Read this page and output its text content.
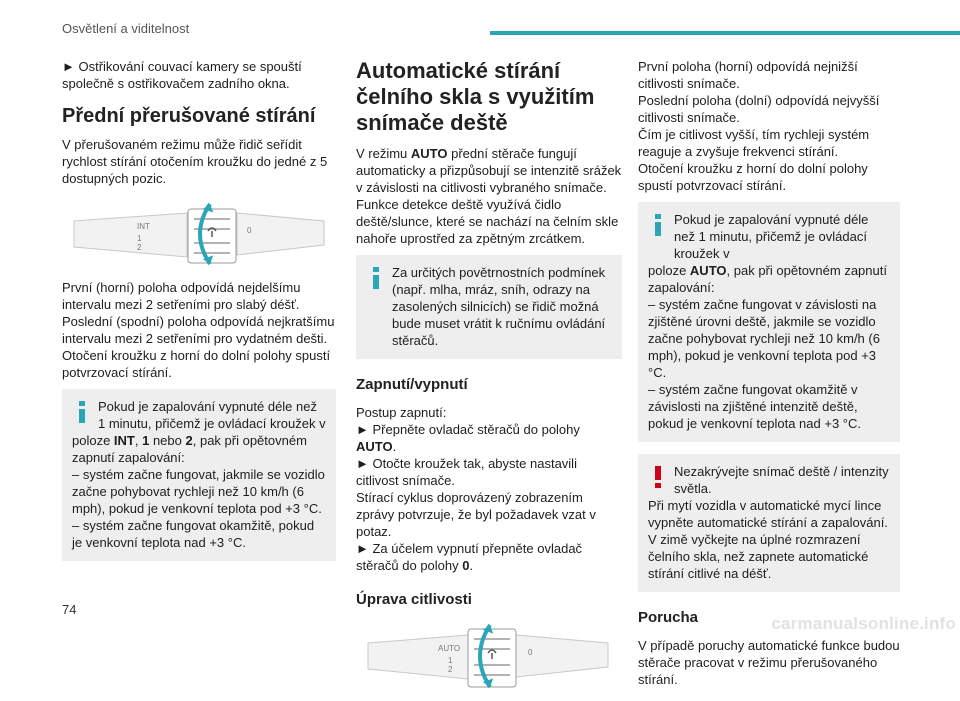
Osvětlení a viditelnost

► Ostřikování couvací kamery se spouští společně s ostřikovačem zadního okna.

Přední přerušované stírání

V přerušovaném režimu může řidič seřídit rychlost stírání otočením kroužku do jedné z 5 dostupných pozic.

INT
1
2
0

První (horní) poloha odpovídá nejdelšímu intervalu mezi 2 setřeními pro slabý déšť.

Poslední (spodní) poloha odpovídá nejkratšímu intervalu mezi 2 setřeními pro vydatném dešti.

Otočení kroužku z horní do dolní polohy spustí potvrzovací stírání.

Pokud je zapalování vypnuté déle než 1 minutu, přičemž je ovládací kroužek v

poloze INT, 1 nebo 2, pak při opětovném zapnutí zapalování:

– systém začne fungovat, jakmile se vozidlo začne pohybovat rychleji než 10 km/h (6 mph), pokud je venkovní teplota pod +3 °C.

– systém začne fungovat okamžitě, pokud je venkovní teplota nad +3 °C.

Automatické stírání čelního skla s využitím snímače deště

V režimu AUTO přední stěrače fungují automaticky a přizpůsobují se intenzitě srážek v závislosti na citlivosti vybraného snímače.

Funkce detekce deště využívá čidlo deště/slunce, které se nachází na čelním skle nahoře uprostřed za zpětným zrcátkem.

Za určitých povětrnostních podmínek (např. mlha, mráz, sníh, odrazy na zasolených silnicích) se řidič možná bude muset vrátit k ručnímu ovládání stěračů.

Zapnutí/vypnutí

Postup zapnutí:

► Přepněte ovladač stěračů do polohy AUTO.

► Otočte kroužek tak, abyste nastavili citlivost snímače.

Stírací cyklus doprovázený zobrazením zprávy potvrzuje, že byl požadavek vzat v potaz.

► Za účelem vypnutí přepněte ovladač stěračů do polohy 0.

Úprava citlivosti
AUTO
1
2
0

První poloha (horní) odpovídá nejnižší citlivosti snímače.

Poslední poloha (dolní) odpovídá nejvyšší citlivosti snímače.

Čím je citlivost vyšší, tím rychleji systém reaguje a zvyšuje frekvenci stírání.

Otočení kroužku z horní do dolní polohy spustí potvrzovací stírání.

Pokud je zapalování vypnuté déle než 1 minutu, přičemž je ovládací kroužek v

poloze AUTO, pak při opětovném zapnutí zapalování:

– systém začne fungovat v závislosti na zjištěné úrovni deště, jakmile se vozidlo začne pohybovat rychleji než 10 km/h (6 mph), pokud je venkovní teplota pod +3 °C.

– systém začne fungovat okamžitě v závislosti na zjištěné intenzitě deště, pokud je venkovní teplota nad +3 °C.

Nezakrývejte snímač deště / intenzity světla.

Při mytí vozidla v automatické mycí lince vypněte automatické stírání a zapalování.

V zimě vyčkejte na úplné rozmrazení čelního skla, než zapnete automatické stírání citlivé na déšť.

Porucha

V případě poruchy automatické funkce budou stěrače pracovat v režimu přerušovaného stírání.

74
carmanualsonline.info
